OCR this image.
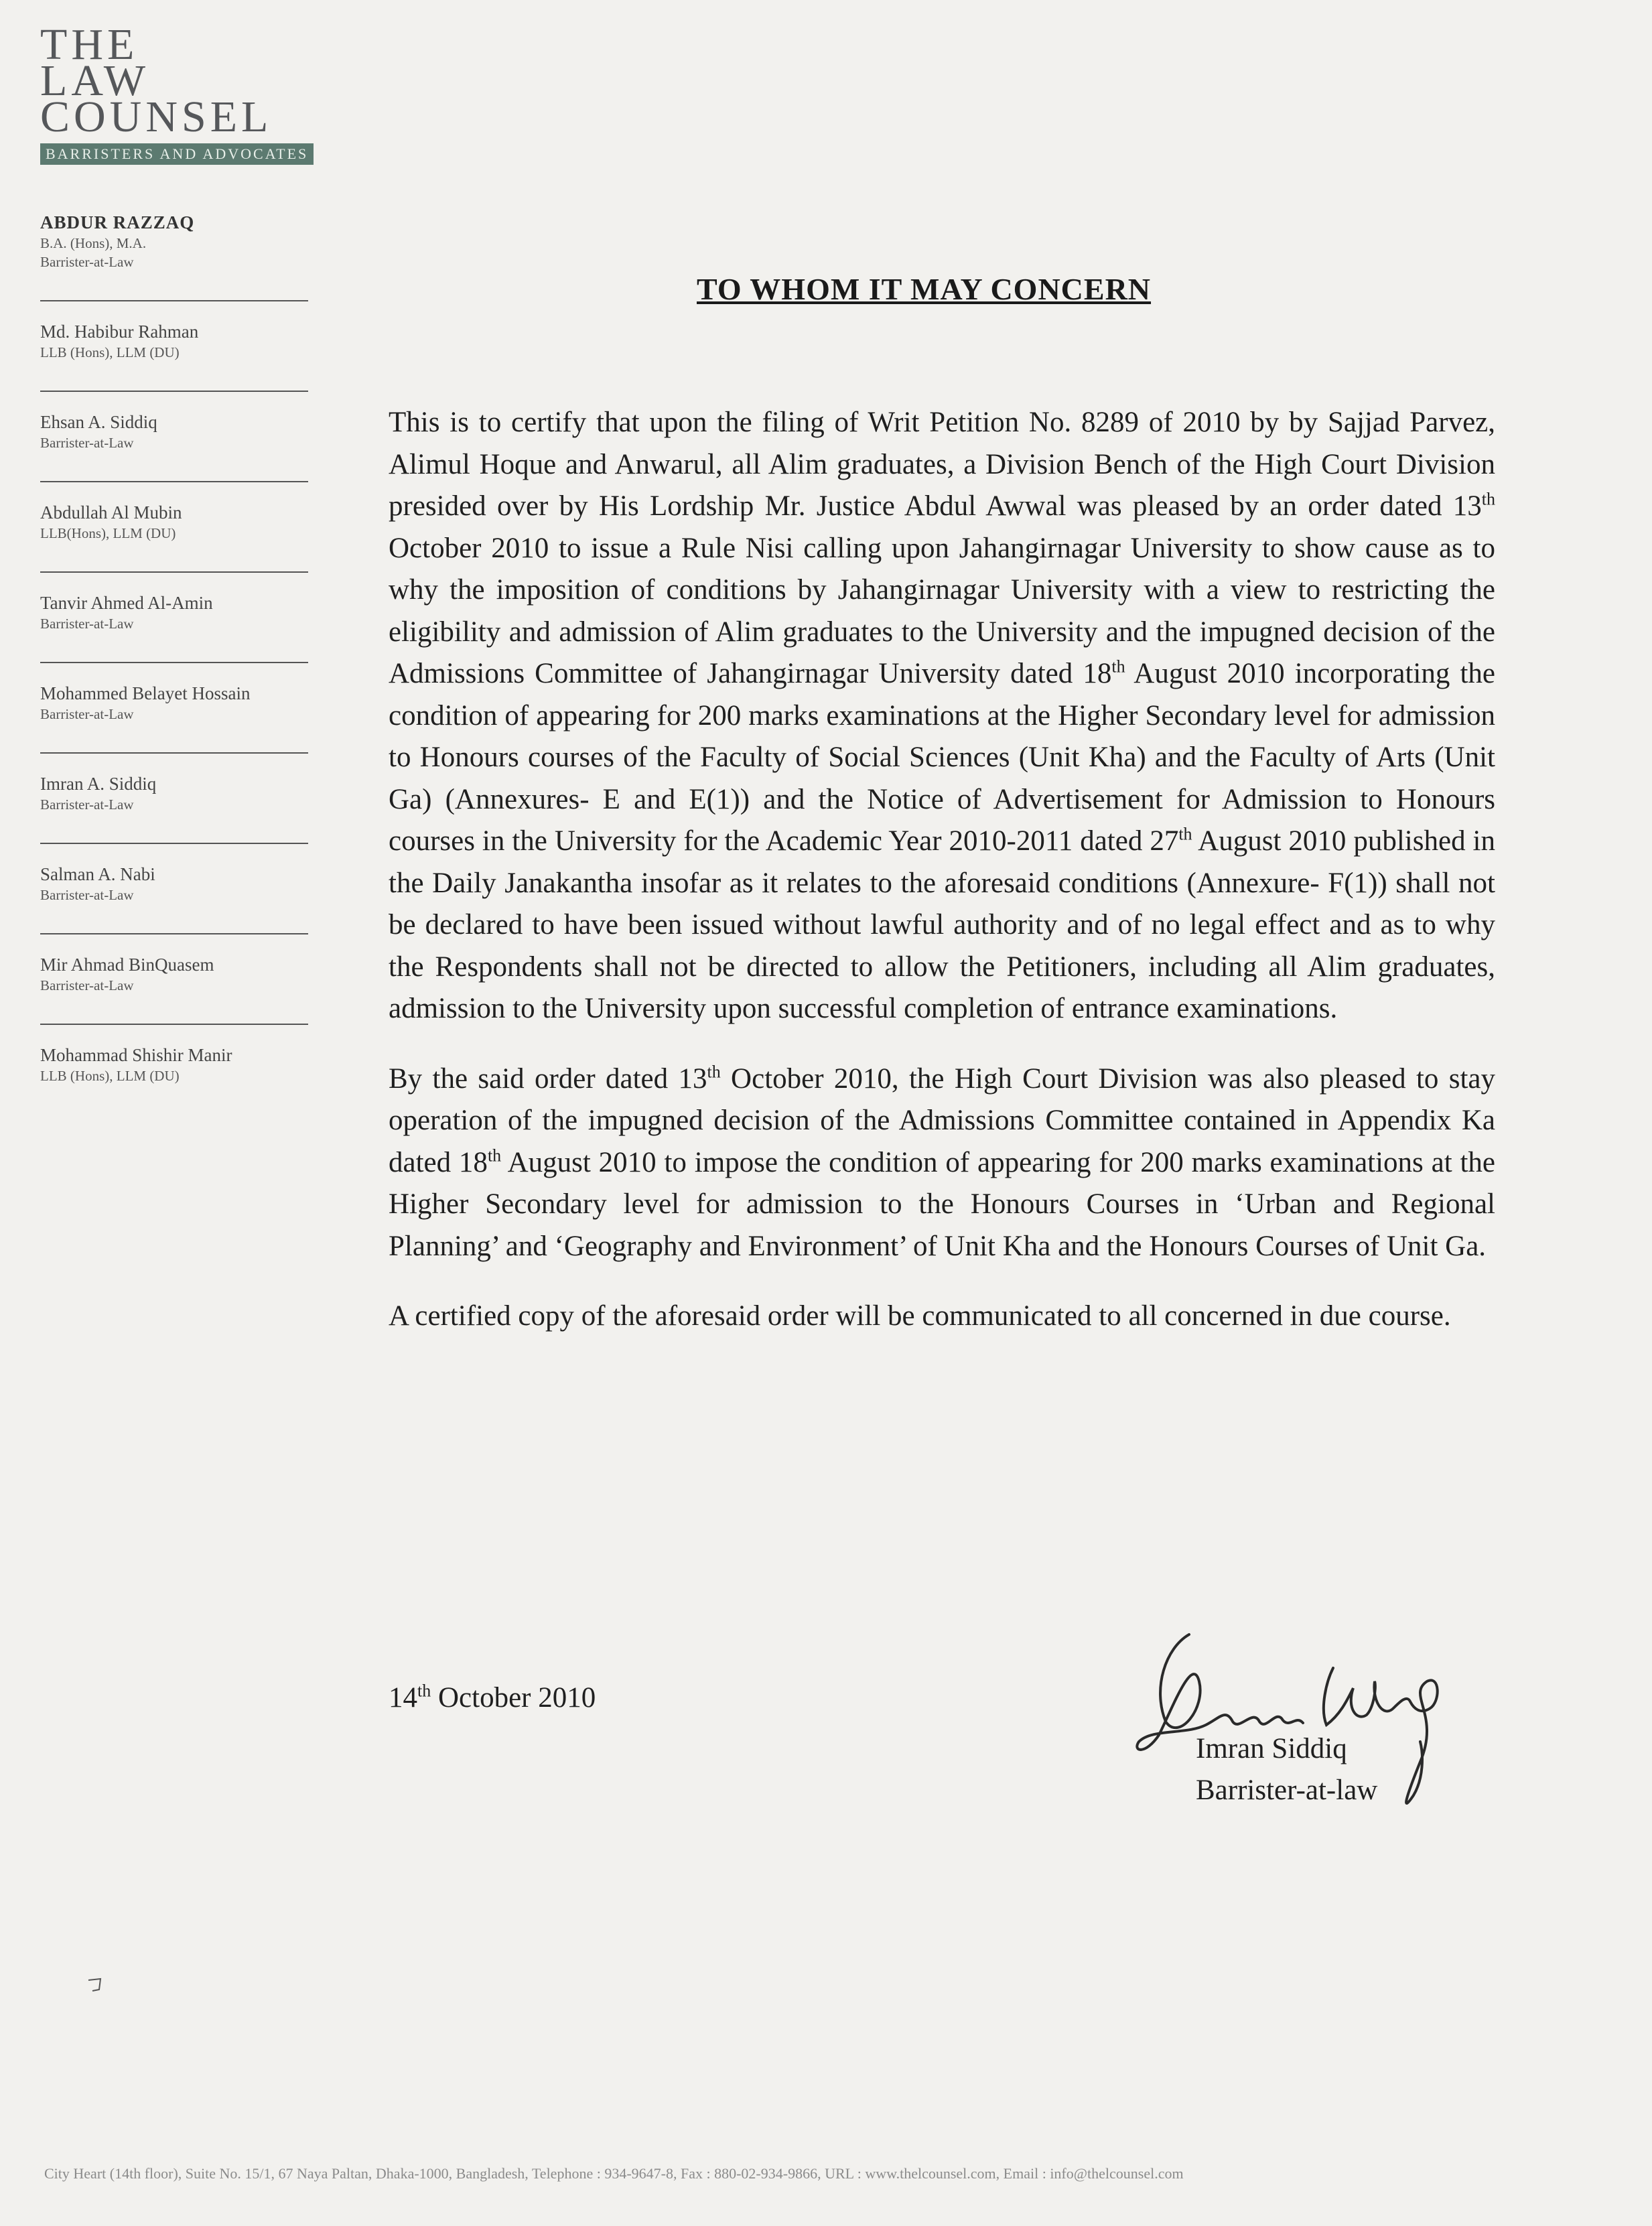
THE
LAW
COUNSEL
BARRISTERS AND ADVOCATES
ABDUR RAZZAQ
B.A. (Hons), M.A.
Barrister-at-Law
Md. Habibur Rahman
LLB (Hons), LLM (DU)
Ehsan A. Siddiq
Barrister-at-Law
Abdullah Al Mubin
LLB(Hons), LLM (DU)
Tanvir Ahmed Al-Amin
Barrister-at-Law
Mohammed Belayet Hossain
Barrister-at-Law
Imran A. Siddiq
Barrister-at-Law
Salman A. Nabi
Barrister-at-Law
Mir Ahmad BinQuasem
Barrister-at-Law
Mohammad Shishir Manir
LLB (Hons), LLM (DU)
TO WHOM IT MAY CONCERN

This is to certify that upon the filing of Writ Petition No. 8289 of 2010 by by Sajjad Parvez, Alimul Hoque and Anwarul, all Alim graduates, a Division Bench of the High Court Division presided over by His Lordship Mr. Justice Abdul Awwal was pleased by an order dated 13th October 2010 to issue a Rule Nisi calling upon Jahangirnagar University to show cause as to why the imposition of conditions by Jahangirnagar University with a view to restricting the eligibility and admission of Alim graduates to the University and the impugned decision of the Admissions Committee of Jahangirnagar University dated 18th August 2010 incorporating the condition of appearing for 200 marks examinations at the Higher Secondary level for admission to Honours courses of the Faculty of Social Sciences (Unit Kha) and the Faculty of Arts (Unit Ga) (Annexures- E and E(1)) and the Notice of Advertisement for Admission to Honours courses in the University for the Academic Year 2010-2011 dated 27th August 2010 published in the Daily Janakantha insofar as it relates to the aforesaid conditions (Annexure- F(1)) shall not be declared to have been issued without lawful authority and of no legal effect and as to why the Respondents shall not be directed to allow the Petitioners, including all Alim graduates, admission to the University upon successful completion of entrance examinations.

By the said order dated 13th October 2010, the High Court Division was also pleased to stay operation of the impugned decision of the Admissions Committee contained in Appendix Ka dated 18th August 2010 to impose the condition of appearing for 200 marks examinations at the Higher Secondary level for admission to the Honours Courses in ‘Urban and Regional Planning’ and ‘Geography and Environment’ of Unit Kha and the Honours Courses of Unit Ga.

A certified copy of the aforesaid order will be communicated to all concerned in due course.

14th October 2010
Imran Siddiq
Barrister-at-law
City Heart (14th floor), Suite No. 15/1, 67 Naya Paltan, Dhaka-1000, Bangladesh, Telephone : 934-9647-8, Fax : 880-02-934-9866, URL : www.thelcounsel.com, Email : info@thelcounsel.com
